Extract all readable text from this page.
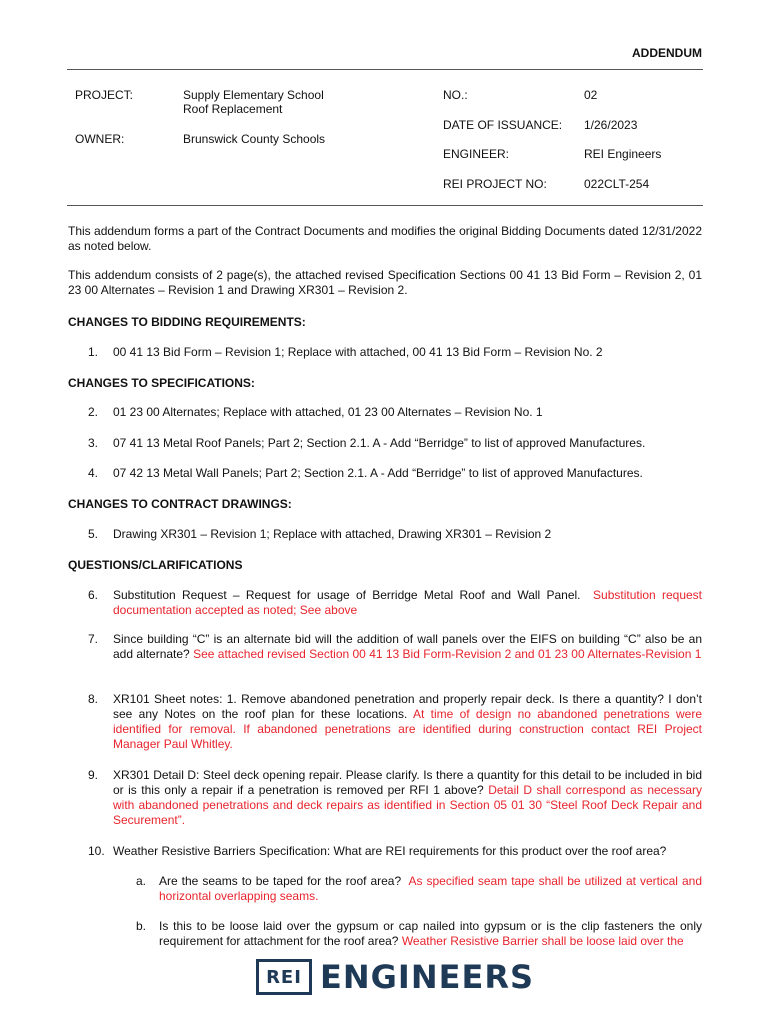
ADDENDUM
PROJECT:	Supply Elementary School
Roof Replacement
OWNER:	Brunswick County Schools
NO.:	02
DATE OF ISSUANCE: 1/26/2023
ENGINEER:	REI Engineers
REI PROJECT NO:	022CLT-254
This addendum forms a part of the Contract Documents and modifies the original Bidding Documents dated 12/31/2022 as noted below.
This addendum consists of 2 page(s), the attached revised Specification Sections 00 41 13 Bid Form – Revision 2, 01 23 00 Alternates – Revision 1 and Drawing XR301 – Revision 2.
CHANGES TO BIDDING REQUIREMENTS:
1. 00 41 13 Bid Form – Revision 1; Replace with attached, 00 41 13 Bid Form – Revision No. 2
CHANGES TO SPECIFICATIONS:
2. 01 23 00 Alternates; Replace with attached, 01 23 00 Alternates – Revision No. 1
3. 07 41 13 Metal Roof Panels; Part 2; Section 2.1. A - Add “Berridge” to list of approved Manufactures.
4. 07 42 13 Metal Wall Panels; Part 2; Section 2.1. A - Add “Berridge” to list of approved Manufactures.
CHANGES TO CONTRACT DRAWINGS:
5. Drawing XR301 – Revision 1; Replace with attached, Drawing XR301 – Revision 2
QUESTIONS/CLARIFICATIONS
6. Substitution Request – Request for usage of Berridge Metal Roof and Wall Panel. Substitution request documentation accepted as noted; See above
7. Since building “C” is an alternate bid will the addition of wall panels over the EIFS on building “C” also be an add alternate? See attached revised Section 00 41 13 Bid Form-Revision 2 and 01 23 00 Alternates-Revision 1
8. XR101 Sheet notes: 1. Remove abandoned penetration and properly repair deck. Is there a quantity? I don’t see any Notes on the roof plan for these locations. At time of design no abandoned penetrations were identified for removal. If abandoned penetrations are identified during construction contact REI Project Manager Paul Whitley.
9. XR301 Detail D: Steel deck opening repair. Please clarify. Is there a quantity for this detail to be included in bid or is this only a repair if a penetration is removed per RFI 1 above? Detail D shall correspond as necessary with abandoned penetrations and deck repairs as identified in Section 05 01 30 “Steel Roof Deck Repair and Securement”.
10. Weather Resistive Barriers Specification: What are REI requirements for this product over the roof area?
a. Are the seams to be taped for the roof area? As specified seam tape shall be utilized at vertical and horizontal overlapping seams.
b. Is this to be loose laid over the gypsum or cap nailed into gypsum or is the clip fasteners the only requirement for attachment for the roof area? Weather Resistive Barrier shall be loose laid over the
REI ENGINEERS
